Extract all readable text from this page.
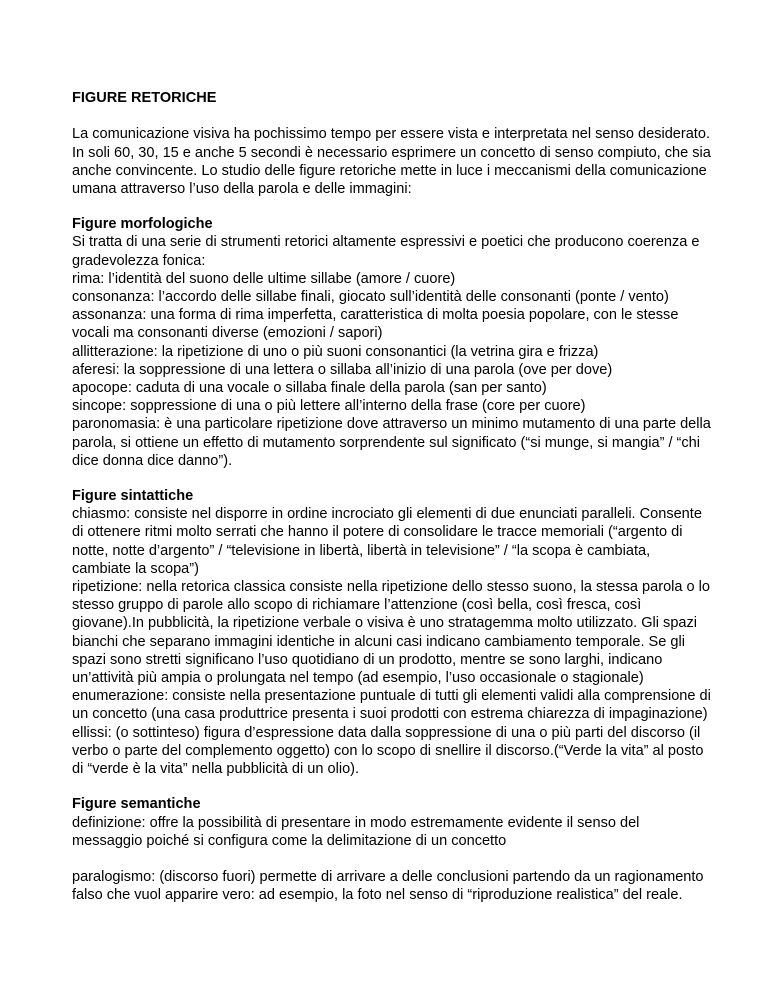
FIGURE RETORICHE

La comunicazione visiva ha pochissimo tempo per essere vista e interpretata nel senso desiderato. In soli 60, 30, 15 e anche 5 secondi è necessario esprimere un concetto di senso compiuto, che sia anche convincente. Lo studio delle figure retoriche mette in luce i meccanismi della comunicazione umana attraverso l’uso della parola e delle immagini:

Figure morfologiche

Si tratta di una serie di strumenti retorici altamente espressivi e poetici che producono coerenza e gradevolezza fonica:

rima: l’identità del suono delle ultime sillabe (amore / cuore)

consonanza: l’accordo delle sillabe finali, giocato sull’identità delle consonanti (ponte / vento)

assonanza: una forma di rima imperfetta, caratteristica di molta poesia popolare, con le stesse vocali ma consonanti diverse (emozioni / sapori)

allitterazione: la ripetizione di uno o più suoni consonantici (la vetrina gira e frizza)

aferesi: la soppressione di una lettera o sillaba all’inizio di una parola (ove per dove)

apocope: caduta di una vocale o sillaba finale della parola (san per santo)

sincope: soppressione di una o più lettere all’interno della frase (core per cuore)

paronomasia: è una particolare ripetizione dove attraverso un minimo mutamento di una parte della parola, si ottiene un effetto di mutamento sorprendente sul significato (“si munge, si mangia” / “chi dice donna dice danno”).

Figure sintattiche

chiasmo: consiste nel disporre in ordine incrociato gli elementi di due enunciati paralleli. Consente di ottenere ritmi molto serrati che hanno il potere di consolidare le tracce memoriali (“argento di notte, notte d’argento” / “televisione in libertà, libertà in televisione” / “la scopa è cambiata, cambiate la scopa”)

ripetizione: nella retorica classica consiste nella ripetizione dello stesso suono, la stessa parola o lo stesso gruppo di parole allo scopo di richiamare l’attenzione (così bella, così fresca, così giovane).In pubblicità, la ripetizione verbale o visiva è uno stratagemma molto utilizzato. Gli spazi bianchi che separano immagini identiche in alcuni casi indicano cambiamento temporale. Se gli spazi sono stretti significano l’uso quotidiano di un prodotto, mentre se sono larghi, indicano un’attività più ampia o prolungata nel tempo (ad esempio, l’uso occasionale o stagionale)

enumerazione: consiste nella presentazione puntuale di tutti gli elementi validi alla comprensione di un concetto (una casa produttrice presenta i suoi prodotti con estrema chiarezza di impaginazione)

ellissi: (o sottinteso) figura d’espressione data dalla soppressione di una o più parti del discorso (il verbo o parte del complemento oggetto) con lo scopo di snellire il discorso.(“Verde la vita” al posto di “verde è la vita” nella pubblicità di un olio).

Figure semantiche

definizione: offre la possibilità di presentare in modo estremamente evidente il senso del messaggio poiché si configura come la delimitazione di un concetto

paralogismo: (discorso fuori) permette di arrivare a delle conclusioni partendo da un ragionamento falso che vuol apparire vero: ad esempio, la foto nel senso di “riproduzione realistica” del reale.
